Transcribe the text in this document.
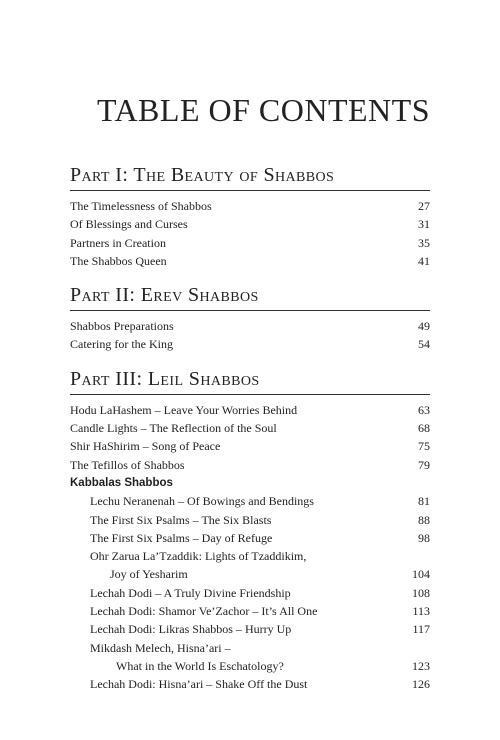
TABLE OF CONTENTS
Part I: The Beauty of Shabbos
The Timelessness of Shabbos	27
Of Blessings and Curses	31
Partners in Creation	35
The Shabbos Queen	41
Part II: Erev Shabbos
Shabbos Preparations	49
Catering for the King	54
Part III: Leil Shabbos
Hodu LaHashem – Leave Your Worries Behind	63
Candle Lights – The Reflection of the Soul	68
Shir HaShirim – Song of Peace	75
The Tefillos of Shabbos	79
Kabbalas Shabbos
Lechu Neranenah – Of Bowings and Bendings	81
The First Six Psalms – The Six Blasts	88
The First Six Psalms – Day of Refuge	98
Ohr Zarua La’Tzaddik: Lights of Tzaddikim,
Joy of Yesharim	104
Lechah Dodi – A Truly Divine Friendship	108
Lechah Dodi: Shamor Ve’Zachor – It’s All One	113
Lechah Dodi: Likras Shabbos – Hurry Up	117
Mikdash Melech, Hisna’ari –
What in the World Is Eschatology?	123
Lechah Dodi: Hisna’ari – Shake Off the Dust	126
